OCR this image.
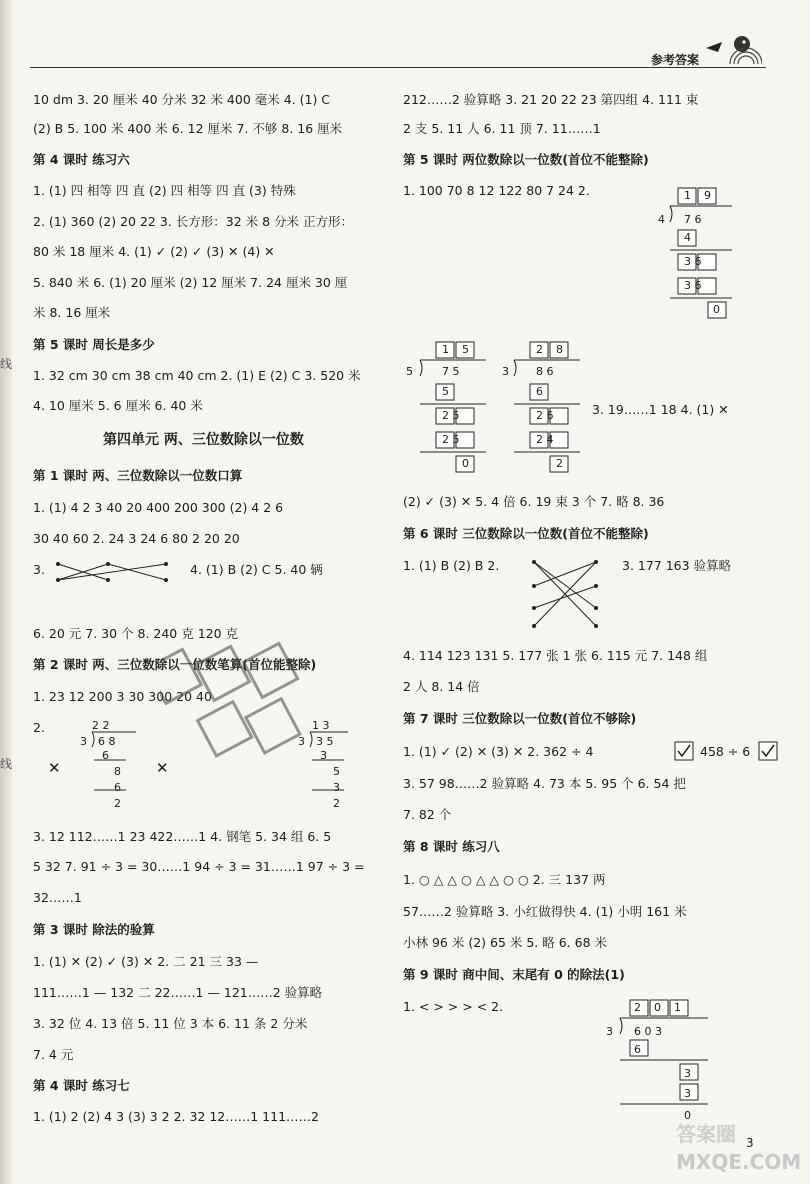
线
线
参考答案
10 dm 3. 20 厘米 40 分米 32 米 400 毫米 4. (1) C
(2) B 5. 100 米 400 米 6. 12 厘米 7. 不够 8. 16 厘米
第 4 课时 练习六
1. (1) 四 相等 四 直 (2) 四 相等 四 直 (3) 特殊
2. (1) 360 (2) 20 22 3. 长方形：32 米 8 分米 正方形：
80 米 18 厘米 4. (1) ✓ (2) ✓ (3) ✕ (4) ✕
5. 840 米 6. (1) 20 厘米 (2) 12 厘米 7. 24 厘米 30 厘
米 8. 16 厘米
第 5 课时 周长是多少
1. 32 cm 30 cm 38 cm 40 cm 2. (1) E (2) C 3. 520 米
4. 10 厘米 5. 6 厘米 6. 40 米
第四单元 两、三位数除以一位数
第 1 课时 两、三位数除以一位数口算
1. (1) 4 2 3 40 20 400 200 300 (2) 4 2 6
30 40 60 2. 24 3 24 6 80 2 20 20
3.	4. (1) B (2) C 5. 40 辆
6. 20 元 7. 30 个 8. 240 克 120 克
第 2 课时 两、三位数除以一位数笔算(首位能整除)
1. 23 12 200 3 30 300 20 40
2.	2 2
3 6 8
6
8
6
2
✕	✕
1 3
3 3 5
3
5
3
2
3. 12 112……1 23 422……1 4. 钢笔 5. 34 组 6. 5
5 32 7. 91 ÷ 3 = 30……1 94 ÷ 3 = 31……1 97 ÷ 3 =
32……1
第 3 课时 除法的验算
1. (1) ✕ (2) ✓ (3) ✕ 2. 二 21 三 33 —
111……1 — 132 二 22……1 — 121……2 验算略
3. 32 位 4. 13 倍 5. 11 位 3 本 6. 11 条 2 分米
7. 4 元
第 4 课时 练习七
1. (1) 2 (2) 4 3 (3) 3 2 2. 32 12……1 111……2
212……2 验算略 3. 21 20 22 23 第四组 4. 111 束
2 支 5. 11 人 6. 11 顶 7. 11……1
第 5 课时 两位数除以一位数(首位不能整除)
1. 100 70 8 12 122 80 7 24 2.	1 9
4 7 6
4
3 6
3 6
0
1 5
5	7 5
5
2 5
2 5
0
2 8
3 8 6
6
2 6
2 4
2
3. 19……1 18 4. (1) ✕
(2) ✓ (3) ✕ 5. 4 倍 6. 19 束 3 个 7. 略 8. 36
第 6 课时 三位数除以一位数(首位不能整除)
1. (1) B (2) B 2.	3. 177 163 验算略
4. 114 123 131 5. 177 张 1 张 6. 115 元 7. 148 组
2 人 8. 14 倍
第 7 课时 三位数除以一位数(首位不够除)
1. (1) ✓ (2) ✕ (3) ✕ 2. 362 ÷ 4	458 ÷ 6
3. 57 98……2 验算略 4. 73 本 5. 95 个 6. 54 把
7. 82 个
第 8 课时 练习八
1. ○ △ △ ○ △ △ ○ ○ 2. 三 137 两
57……2 验算略 3. 小红做得快 4. (1) 小明 161 米
小林 96 米 (2) 65 米 5. 略 6. 68 米
第 9 课时 商中间、末尾有 0 的除法(1)
1. < > > > < 2.	2 0 1
3 6 0 3
6
3
3
0
3
答案圈
MXQE.COM
